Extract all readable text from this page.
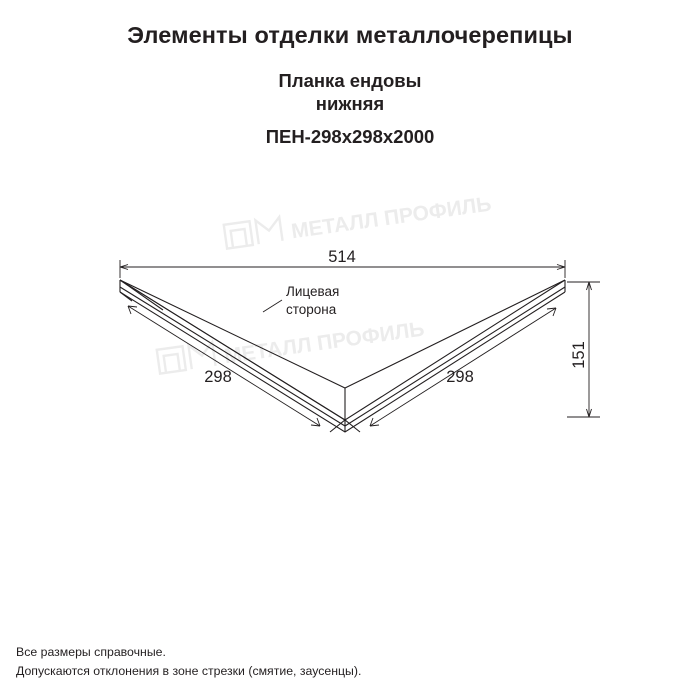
Элементы отделки металлочерепицы
Планка ендовы
нижняя
ПЕН-298х298х2000
МЕТАЛЛ ПРОФИЛЬ
МЕТАЛЛ ПРОФИЛЬ
514
298	298
151
Лицевая
сторона
Все размеры справочные.
Допускаются отклонения в зоне стрезки (смятие, заусенцы).
